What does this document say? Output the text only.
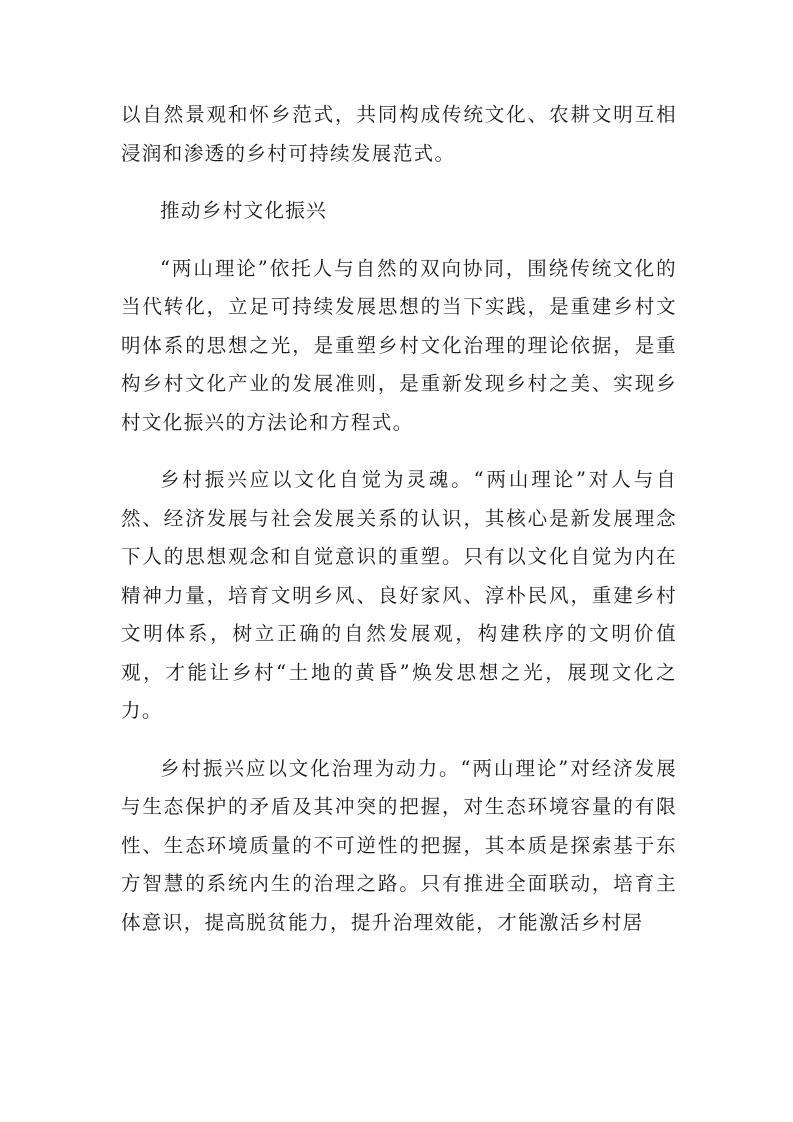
以自然景观和怀乡范式，共同构成传统文化、农耕文明互相浸润和渗透的乡村可持续发展范式。

推动乡村文化振兴

“两山理论”依托人与自然的双向协同，围绕传统文化的当代转化，立足可持续发展思想的当下实践，是重建乡村文明体系的思想之光，是重塑乡村文化治理的理论依据，是重构乡村文化产业的发展准则，是重新发现乡村之美、实现乡村文化振兴的方法论和方程式。

乡村振兴应以文化自觉为灵魂。“两山理论”对人与自然、经济发展与社会发展关系的认识，其核心是新发展理念下人的思想观念和自觉意识的重塑。只有以文化自觉为内在精神力量，培育文明乡风、良好家风、淳朴民风，重建乡村文明体系，树立正确的自然发展观，构建秩序的文明价值观，才能让乡村“土地的黄昏”焕发思想之光，展现文化之力。

乡村振兴应以文化治理为动力。“两山理论”对经济发展与生态保护的矛盾及其冲突的把握，对生态环境容量的有限性、生态环境质量的不可逆性的把握，其本质是探索基于东方智慧的系统内生的治理之路。只有推进全面联动，培育主体意识，提高脱贫能力，提升治理效能，才能激活乡村居
